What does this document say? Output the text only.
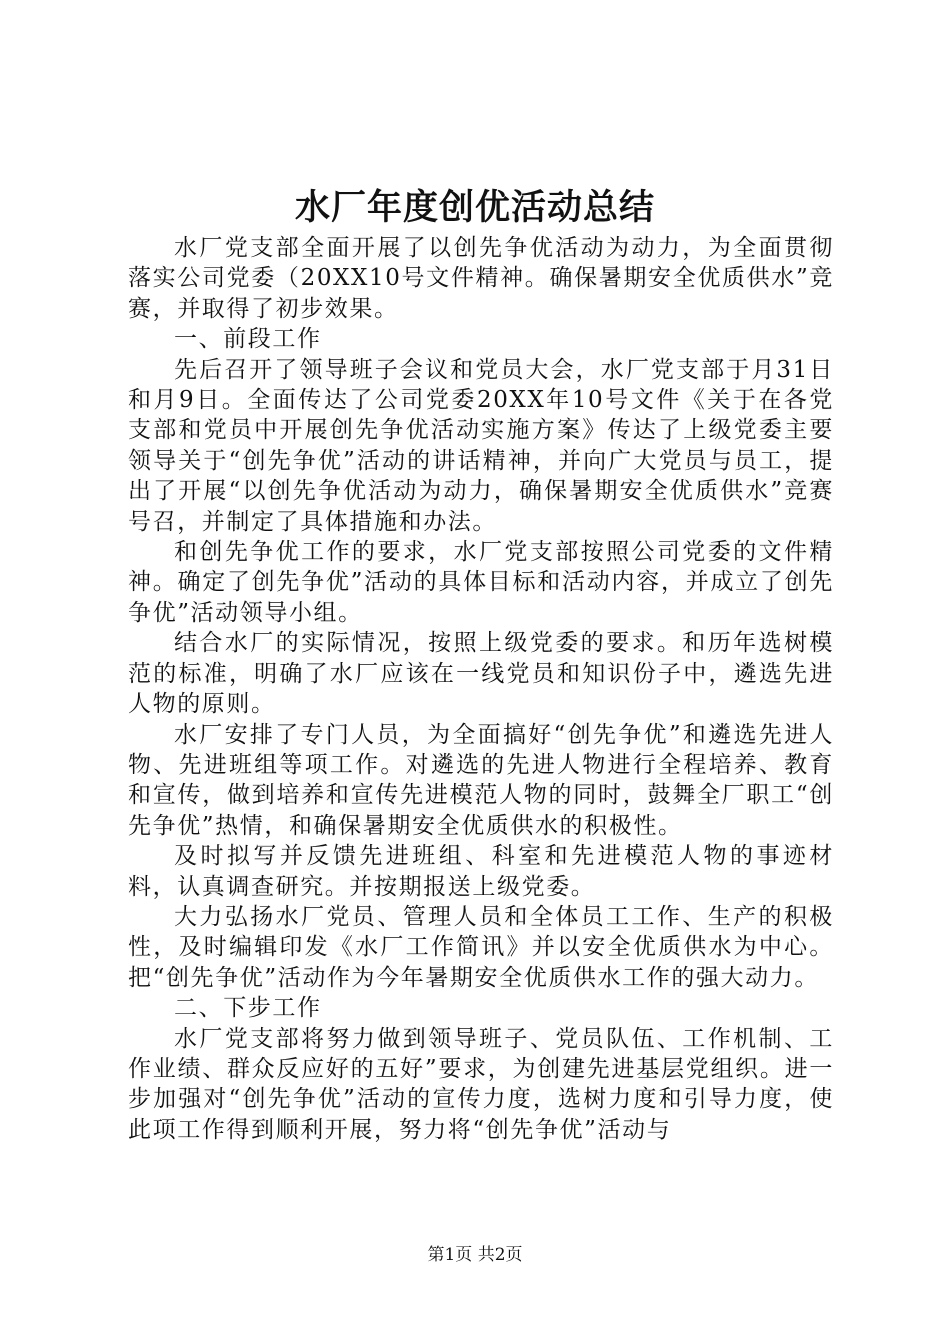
水厂年度创优活动总结

水厂党支部全面开展了以创先争优活动为动力，为全面贯彻落实公司党委（20XX10号文件精神。确保暑期安全优质供水”竞赛，并取得了初步效果。

一、前段工作

先后召开了领导班子会议和党员大会，水厂党支部于月31日和月9日。全面传达了公司党委20XX年10号文件《关于在各党支部和党员中开展创先争优活动实施方案》传达了上级党委主要领导关于“创先争优”活动的讲话精神，并向广大党员与员工，提出了开展“以创先争优活动为动力，确保暑期安全优质供水”竞赛号召，并制定了具体措施和办法。

和创先争优工作的要求，水厂党支部按照公司党委的文件精神。确定了创先争优”活动的具体目标和活动内容，并成立了创先争优”活动领导小组。

结合水厂的实际情况，按照上级党委的要求。和历年选树模范的标准，明确了水厂应该在一线党员和知识份子中，遴选先进人物的原则。

水厂安排了专门人员，为全面搞好“创先争优”和遴选先进人物、先进班组等项工作。对遴选的先进人物进行全程培养、教育和宣传，做到培养和宣传先进模范人物的同时，鼓舞全厂职工“创先争优”热情，和确保暑期安全优质供水的积极性。

及时拟写并反馈先进班组、科室和先进模范人物的事迹材料，认真调查研究。并按期报送上级党委。

大力弘扬水厂党员、管理人员和全体员工工作、生产的积极性，及时编辑印发《水厂工作简讯》并以安全优质供水为中心。把“创先争优”活动作为今年暑期安全优质供水工作的强大动力。

二、下步工作

水厂党支部将努力做到领导班子、党员队伍、工作机制、工作业绩、群众反应好的五好”要求，为创建先进基层党组织。进一步加强对“创先争优”活动的宣传力度，选树力度和引导力度，使此项工作得到顺利开展，努力将“创先争优”活动与

第1页 共2页
